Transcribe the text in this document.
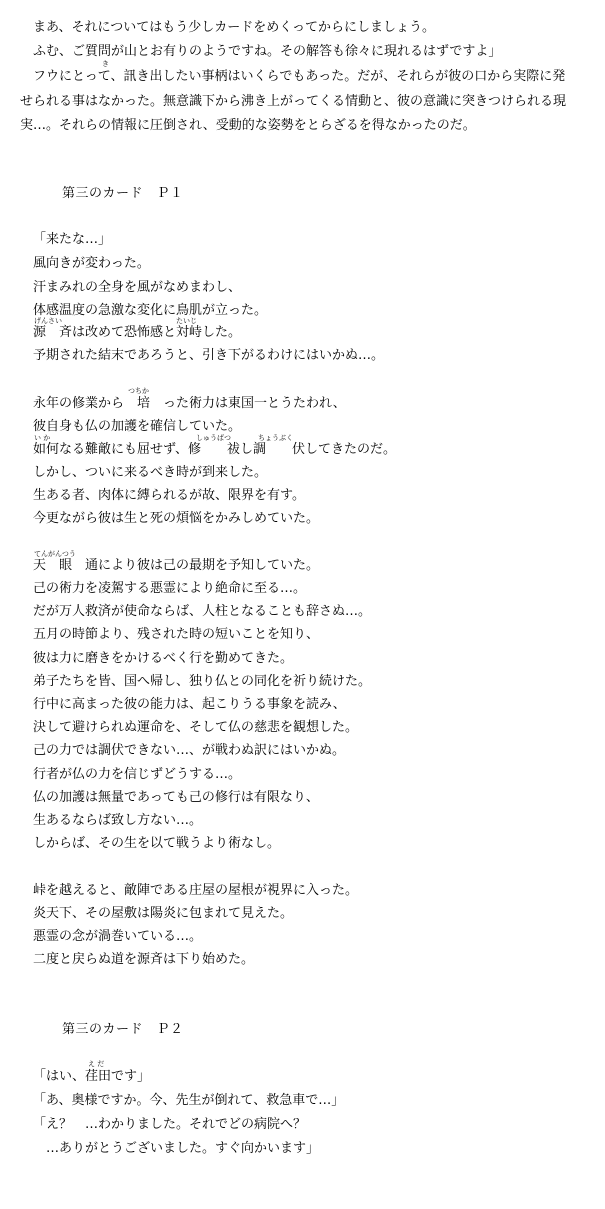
　まあ、それについてはもう少しカードをめくってからにしましょう。
　ふむ、ご質問が山とお有りのようですね。その解答も徐々に現れるはずですよ」
き
　フウにとって、訊き出したい事柄はいくらでもあった。だが、それらが彼の口から実際に発
せられる事はなかった。無意識下から沸き上がってくる情動と、彼の意識に突きつけられる現
実…。それらの情報に圧倒され、受動的な姿勢をとらざるを得なかったのだ。
第三のカード　Ｐ１
「来たな…」
風向きが変わった。
汗まみれの全身を風がなめまわし、
体感温度の急激な変化に鳥肌が立った。
げんさい	たいじ
源　斉は改めて恐怖感と対峙した。
予期された結末であろうと、引き下がるわけにはいかぬ…。
つちか
永年の修業から　培　った術力は東国一とうたわれ、
彼自身も仏の加護を確信していた。
い か	しゅうばつ	ちょうぶく
如何なる難敵にも屈せず、修　　祓し調　　伏してきたのだ。
しかし、ついに来るべき時が到来した。
生ある者、肉体に縛られるが故、限界を有す。
今更ながら彼は生と死の煩悩をかみしめていた。
てんがんつう
天　眼　通により彼は己の最期を予知していた。
己の術力を凌駕する悪霊により絶命に至る…。
だが万人救済が使命ならば、人柱となることも辞さぬ…。
五月の時節より、残された時の短いことを知り、
彼は力に磨きをかけるべく行を勤めてきた。
弟子たちを皆、国へ帰し、独り仏との同化を祈り続けた。
行中に高まった彼の能力は、起こりうる事象を読み、
決して避けられぬ運命を、そして仏の慈悲を観想した。
己の力では調伏できない…、が戦わぬ訳にはいかぬ。
行者が仏の力を信じずどうする…。
仏の加護は無量であっても己の修行は有限なり、
生あるならば致し方ない…。
しからば、その生を以て戦うより術なし。
峠を越えると、敵陣である庄屋の屋根が視界に入った。
炎天下、その屋敷は陽炎に包まれて見えた。
悪霊の念が渦巻いている…。
二度と戻らぬ道を源斉は下り始めた。
第三のカード　Ｐ２
え だ
「はい、荏田です」
「あ、奥様ですか。今、先生が倒れて、救急車で…」
「え？　…わかりました。それでどの病院へ？
　…ありがとうございました。すぐ向かいます」
